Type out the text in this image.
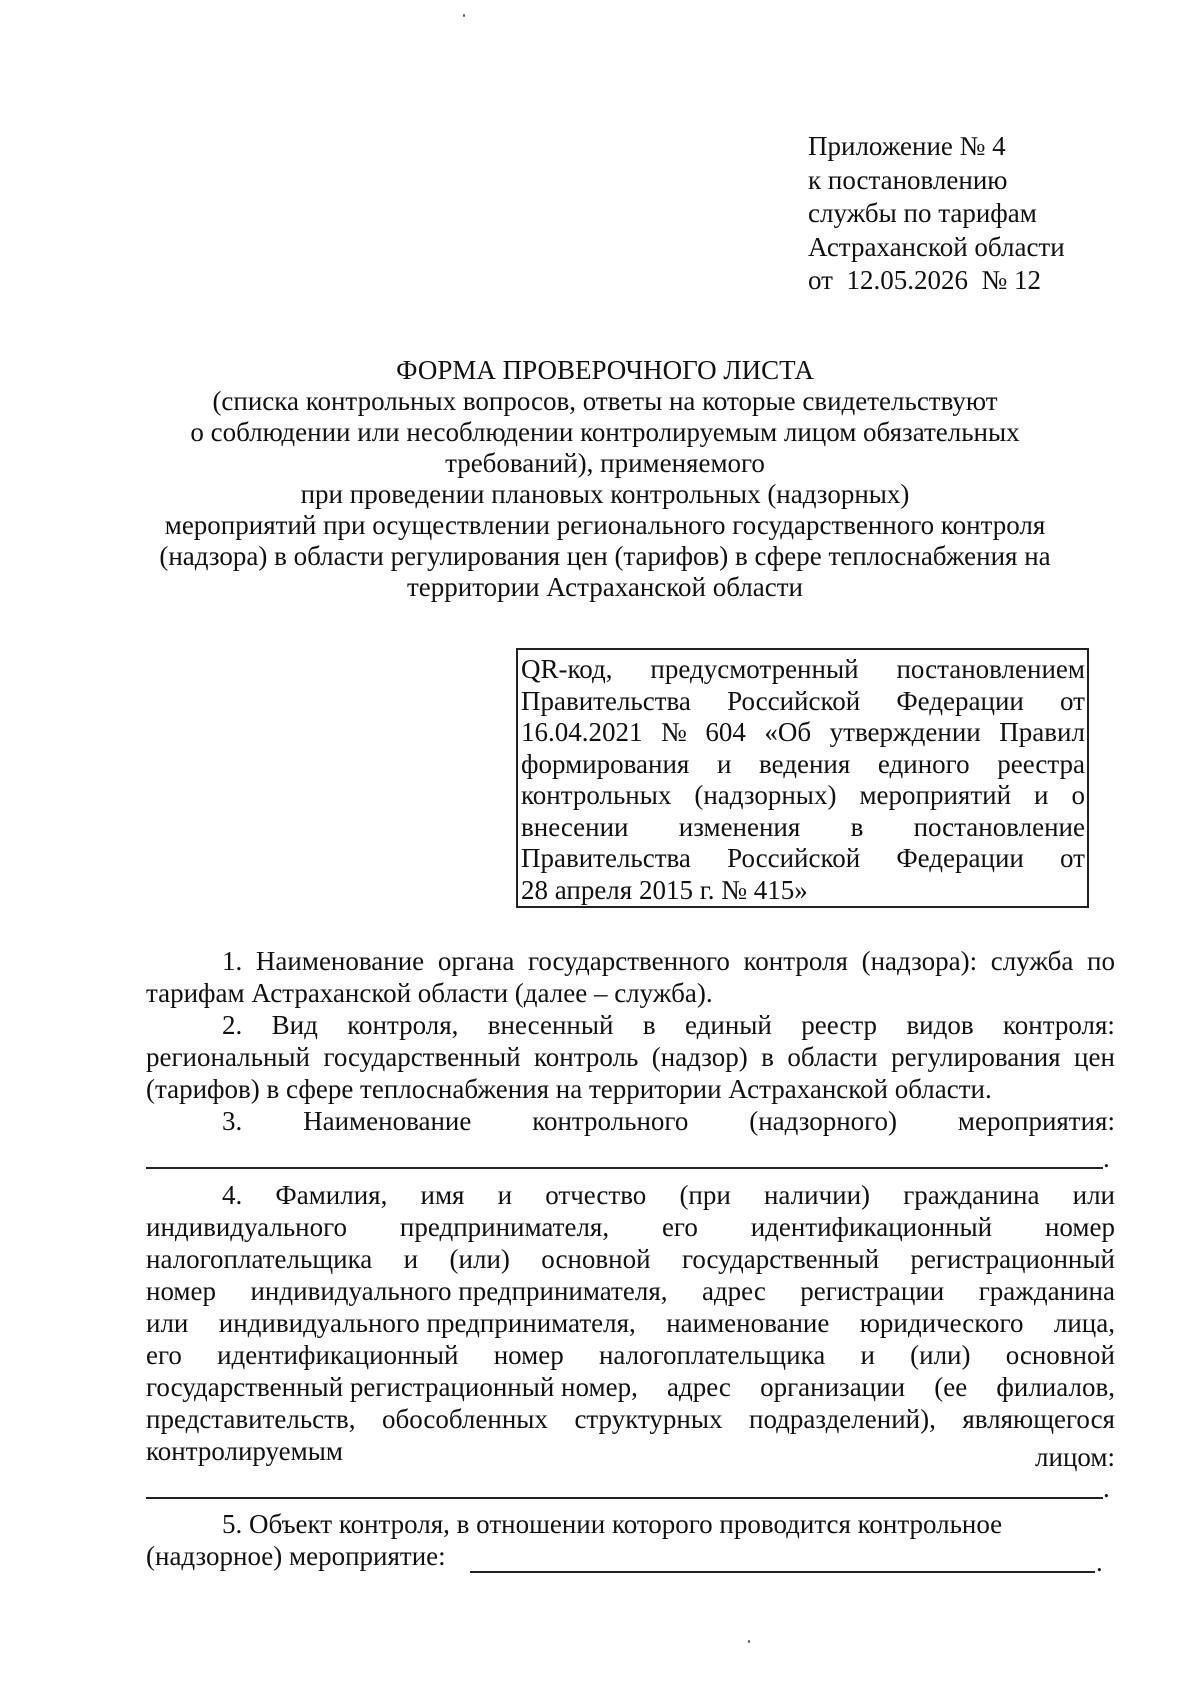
Приложение № 4
к постановлению
службы по тарифам
Астраханской области
от  12.05.2026  № 12
ФОРМА ПРОВЕРОЧНОГО ЛИСТА
(списка контрольных вопросов, ответы на которые свидетельствуют
о соблюдении или несоблюдении контролируемым лицом обязательных
требований), применяемого
при проведении плановых контрольных (надзорных)
мероприятий при осуществлении регионального государственного контроля
(надзора) в области регулирования цен (тарифов) в сфере теплоснабжения на
территории Астраханской области
QR-код, предусмотренный постановлением
Правительства Российской Федерации от
16.04.2021 № 604 «Об утверждении Правил
формирования и ведения единого реестра
контрольных (надзорных) мероприятий и о
внесении изменения в постановление
Правительства Российской Федерации от
28 апреля 2015 г. № 415»
1. Наименование органа государственного контроля (надзора): служба по
тарифам Астраханской области (далее – служба).
2. Вид контроля, внесенный в единый реестр видов контроля:
региональный государственный контроль (надзор) в области регулирования цен
(тарифов) в сфере теплоснабжения на территории Астраханской области.
3. Наименование контрольного (надзорного) мероприятия:
.
4. Фамилия, имя и отчество (при наличии) гражданина или
индивидуального предпринимателя, его идентификационный номер
налогоплательщика и (или) основной государственный регистрационный
номер индивидуального предпринимателя, адрес регистрации гражданина
или индивидуального предпринимателя, наименование юридического лица,
его идентификационный номер налогоплательщика и (или) основной
государственный регистрационный номер, адрес организации (ее филиалов,
представительств, обособленных структурных подразделений), являющегося
контролируемым	лицом:
.
5. Объект контроля, в отношении которого проводится контрольное
(надзорное) мероприятие:	.
